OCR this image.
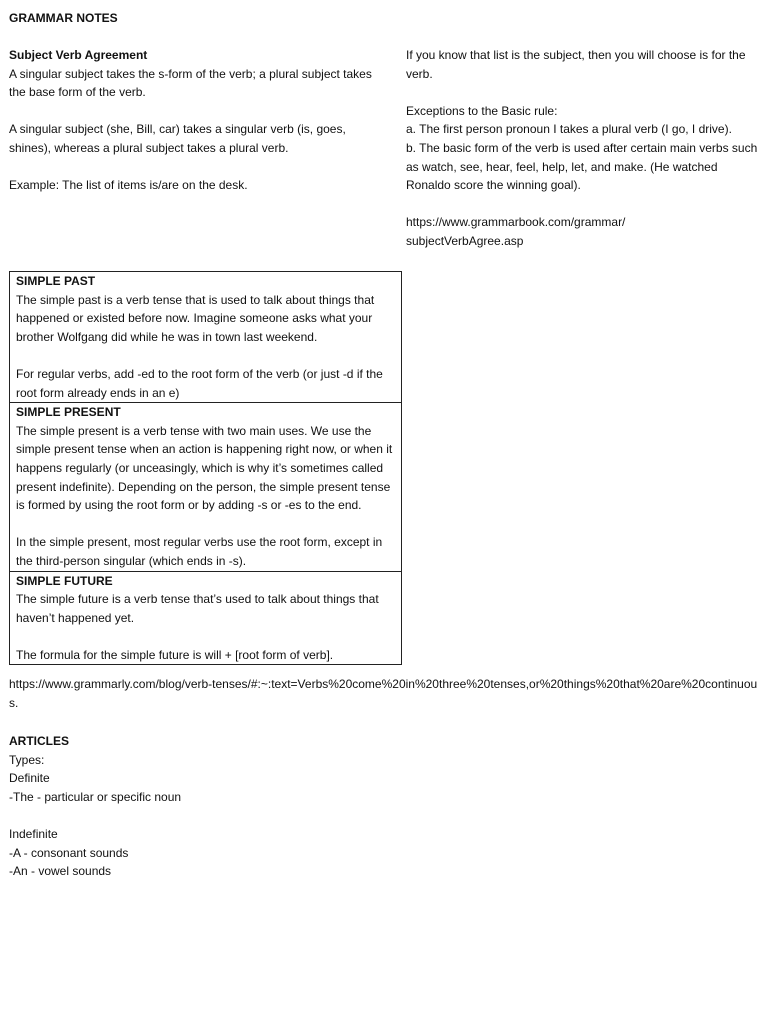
GRAMMAR NOTES

Subject Verb Agreement

A singular subject takes the s-form of the verb; a plural subject takes the base form of the verb.

A singular subject (she, Bill, car) takes a singular verb (is, goes, shines), whereas a plural subject takes a plural verb.

Example: The list of items is/are on the desk.

If you know that list is the subject, then you will choose is for the verb.

Exceptions to the Basic rule:

a. The first person pronoun I takes a plural verb (I go, I drive).

b. The basic form of the verb is used after certain main verbs such as watch, see, hear, feel, help, let, and make. (He watched Ronaldo score the winning goal).

https://www.grammarbook.com/grammar/
subjectVerbAgree.asp

SIMPLE PAST

The simple past is a verb tense that is used to talk about things that happened or existed before now. Imagine someone asks what your brother Wolfgang did while he was in town last weekend.

For regular verbs, add -ed to the root form of the verb (or just -d if the root form already ends in an e)

SIMPLE PRESENT

The simple present is a verb tense with two main uses. We use the simple present tense when an action is happening right now, or when it happens regularly (or unceasingly, which is why it’s sometimes called present indefinite). Depending on the person, the simple present tense is formed by using the root form or by adding -s or -es to the end.

In the simple present, most regular verbs use the root form, except in the third-person singular (which ends in -s).

SIMPLE FUTURE

The simple future is a verb tense that’s used to talk about things that haven’t happened yet.

The formula for the simple future is will + [root form of verb].

https://www.grammarly.com/blog/verb-tenses/#:~:text=Verbs%20come%20in%20three%20tenses,or%20things%20that%20are%20continuous.

ARTICLES

Types:

Definite

-The - particular or specific noun

Indefinite

-A - consonant sounds

-An - vowel sounds
